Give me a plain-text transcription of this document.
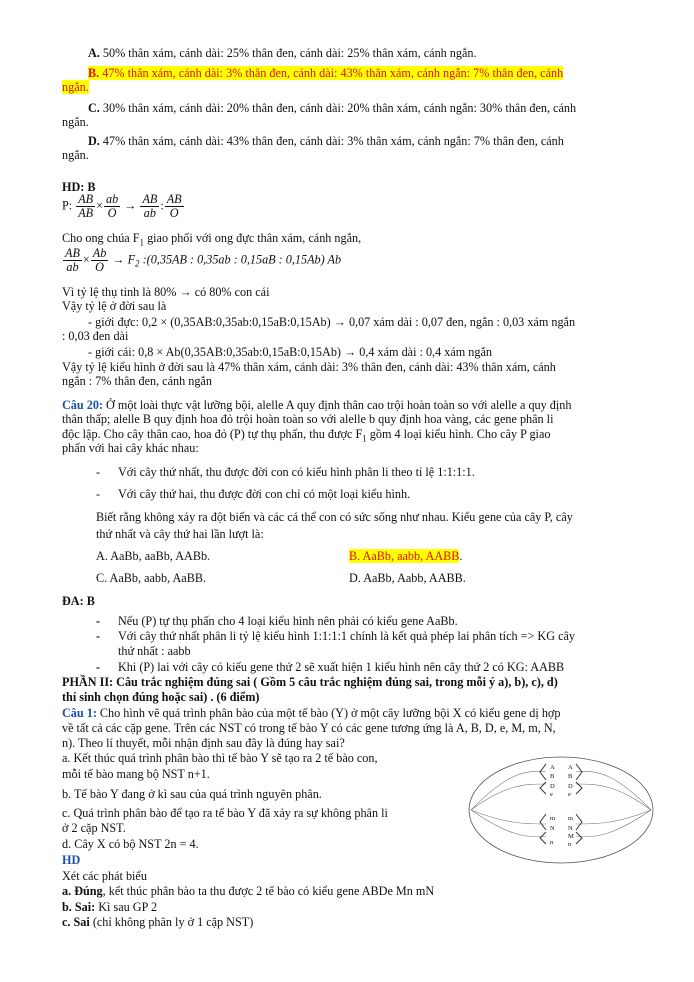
A. 50% thân xám, cánh dài: 25% thân đen, cánh dài: 25% thân xám, cánh ngắn.

B. 47% thân xám, cánh dài: 3% thân đen, cánh dài: 43% thân xám, cánh ngắn: 7% thân đen, cánh

ngắn.

C. 30% thân xám, cánh dài: 20% thân đen, cánh dài: 20% thân xám, cánh ngắn: 30% thân đen, cánh

ngắn.

D. 47% thân xám, cánh dài: 43% thân đen, cánh dài: 3% thân xám, cánh ngắn: 7% thân đen, cánh

ngắn.

HD: B

P: $\frac{AB}{AB} \times \frac{ab}{O} \to \frac{AB}{ab}$ : $\frac{AB}{O}$

Cho ong chúa $F_1$ giao phối với ong đực thân xám, cánh ngắn,

$\frac{AB}{ab} \times \frac{Ab}{O} \to F_2$ :(0,35AB : 0,35ab : 0,15aB : 0,15Ab) Ab

Vì tỷ lệ thụ tinh là 80% → có 80% con cái

Vậy tỷ lệ ở đời sau là

- giới đực: 0,2 × (0,35AB:0,35ab:0,15aB:0,15Ab) → 0,07 xám dài : 0,07 đen, ngắn : 0,03 xám ngắn

: 0,03 đen dài

- giới cái: 0,8 × Ab(0,35AB:0,35ab:0,15aB:0,15Ab) → 0,4 xám dài : 0,4 xám ngắn

Vậy tỷ lệ kiểu hình ở đời sau là 47% thân xám, cánh dài: 3% thân đen, cánh dài: 43% thân xám, cánh

ngắn : 7% thân đen, cánh ngắn

Câu 20: Ở một loài thực vật lưỡng bội, alelle A quy định thân cao trội hoàn toàn so với alelle a quy định

thân thấp; alelle B quy định hoa đỏ trội hoàn toàn so với alelle b quy định hoa vàng, các gene phân li

độc lập. Cho cây thân cao, hoa đỏ (P) tự thụ phấn, thu được $F_1$ gồm 4 loại kiểu hình. Cho cây P giao

phấn với hai cây khác nhau:

- Với cây thứ nhất, thu được đời con có kiểu hình phân li theo tỉ lệ 1:1:1:1.

- Với cây thứ hai, thu được đời con chỉ có một loại kiểu hình.

Biết rằng không xảy ra đột biến và các cá thể con có sức sống như nhau. Kiểu gene của cây P, cây

thứ nhất và cây thứ hai lần lượt là:

A. AaBb, aaBb, AABb.	B. AaBb, aabb, AABB.

C. AaBb, aabb, AaBB.	D. AaBb, Aabb, AABB.

ĐA: B

- Nếu (P) tự thụ phấn cho 4 loại kiểu hình nên phải có kiểu gene AaBb.

- Với cây thứ nhất phân li tỷ lệ kiểu hình 1:1:1:1 chính là kết quả phép lai phân tích => KG cây

thứ nhất : aabb

- Khi (P) lai với cây có kiểu gene thứ 2 sẽ xuất hiện 1 kiểu hình nên cây thứ 2 có KG: AABB

PHẦN II: Câu trắc nghiệm đúng sai ( Gồm 5 câu trắc nghiệm đúng sai, trong mỗi ý a), b), c), d)

thí sinh chọn đúng hoặc sai) . (6 điểm)

Câu 1: Cho hình vẽ quá trình phân bào của một tế bào (Y) ở một cây lưỡng bội X có kiểu gene dị hợp

về tất cả các cặp gene. Trên các NST có trong tế bào Y có các gene tương ứng là A, B, D, e, M, m, N,

n). Theo lí thuyết, mỗi nhận định sau đây là đúng hay sai?

a. Kết thúc quá trình phân bào thì tế bào Y sẽ tạo ra 2 tế bào con,

mỗi tế bào mang bộ NST n+1.

b. Tế bào Y đang ở kì sau của quá trình nguyên phân.

c. Quá trình phân bào để tạo ra tế bào Y đã xảy ra sự không phân li

ở 2 cặp NST.

d. Cây X có bộ NST 2n = 4.

HD

Xét các phát biểu

a. Đúng, kết thúc phân bào ta thu được 2 tế bào có kiểu gene ABDe Mn mN

b. Sai: Kì sau GP 2

c. Sai (chỉ không phân ly ở 1 cặp NST)

A
B
D
e
A
B
D
e
m
N
n
m
N
M
n
